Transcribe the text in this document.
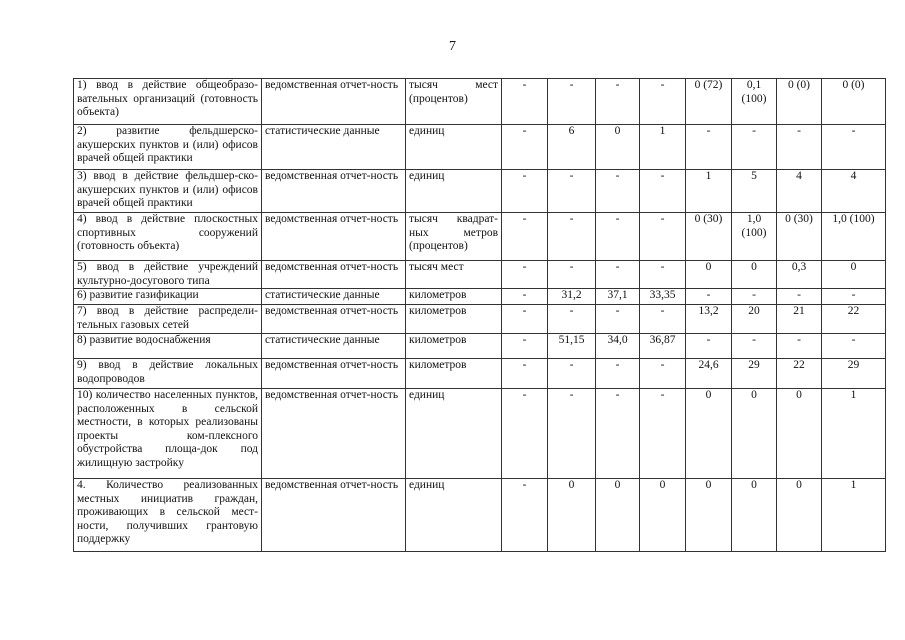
7
1) ввод в действие общеобразо-вательных организаций (готовность объекта)	ведомственная отчет-ность	тысяч мест (процентов)	-	-	-	-	0 (72)	0,1 (100)	0 (0)	0 (0)
2) развитие фельдшерско-акушерских пунктов и (или) офисов врачей общей практики	статистические данные	единиц	-	6	0	1	-	-	-	-
3) ввод в действие фельдшер-ско-акушерских пунктов и (или) офисов врачей общей практики	ведомственная отчет-ность	единиц	-	-	-	-	1	5	4	4
4) ввод в действие плоскостных спортивных сооружений (готовность объекта)	ведомственная отчет-ность	тысяч квадрат-ных метров (процентов)	-	-	-	-	0 (30)	1,0 (100)	0 (30)	1,0 (100)
5) ввод в действие учреждений культурно-досугового типа	ведомственная отчет-ность	тысяч мест	-	-	-	-	0	0	0,3	0
6) развитие газификации	статистические данные	километров	-	31,2	37,1	33,35	-	-	-	-
7) ввод в действие распредели-тельных газовых сетей	ведомственная отчет-ность	километров	-	-	-	-	13,2	20	21	22
8) развитие водоснабжения	статистические данные	километров	-	51,15	34,0	36,87	-	-	-	-
9) ввод в действие локальных водопроводов	ведомственная отчет-ность	километров	-	-	-	-	24,6	29	22	29
10) количество населенных пунктов, расположенных в сельской местности, в которых реализованы проекты ком-плексного обустройства площа-док под жилищную застройку	ведомственная отчет-ность	единиц	-	-	-	-	0	0	0	1
4. Количество реализованных местных инициатив граждан, проживающих в сельской мест-ности, получивших грантовую поддержку	ведомственная отчет-ность	единиц	-	0	0	0	0	0	0	1
